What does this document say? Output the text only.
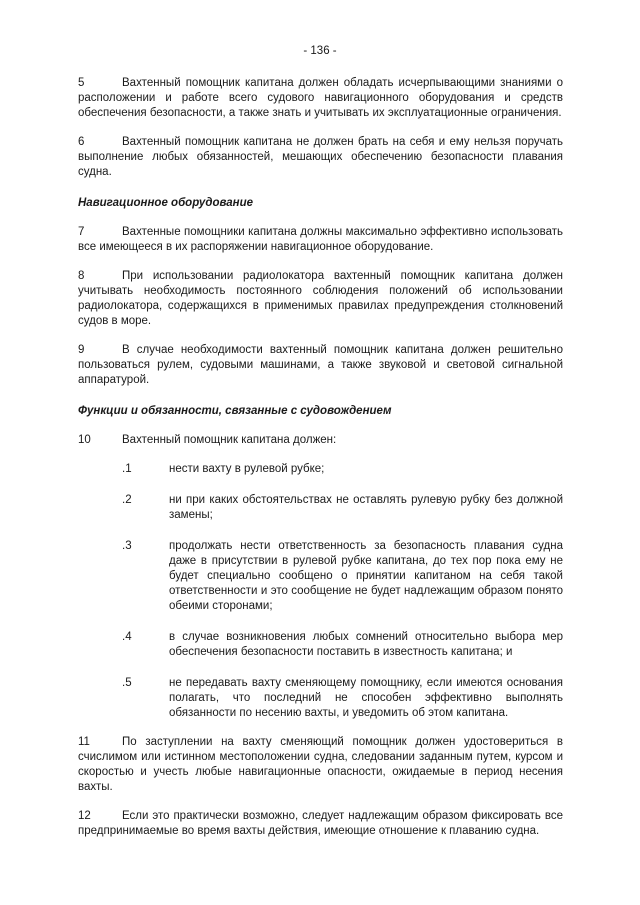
- 136 -
5	Вахтенный помощник капитана должен обладать исчерпывающими знаниями о расположении и работе всего судового навигационного оборудования и средств обеспечения безопасности, а также знать и учитывать их эксплуатационные ограничения.
6	Вахтенный помощник капитана не должен брать на себя и ему нельзя поручать выполнение любых обязанностей, мешающих обеспечению безопасности плавания судна.
Навигационное оборудование
7	Вахтенные помощники капитана должны максимально эффективно использовать все имеющееся в их распоряжении навигационное оборудование.
8	При использовании радиолокатора вахтенный помощник капитана должен учитывать необходимость постоянного соблюдения положений об использовании радиолокатора, содержащихся в применимых правилах предупреждения столкновений судов в море.
9	В случае необходимости вахтенный помощник капитана должен решительно пользоваться рулем, судовыми машинами, а также звуковой и световой сигнальной аппаратурой.
Функции и обязанности, связанные с судовождением
10	Вахтенный помощник капитана должен:
.1	нести вахту в рулевой рубке;
.2	ни при каких обстоятельствах не оставлять рулевую рубку без должной замены;
.3	продолжать нести ответственность за безопасность плавания судна даже в присутствии в рулевой рубке капитана, до тех пор пока ему не будет специально сообщено о принятии капитаном на себя такой ответственности и это сообщение не будет надлежащим образом понято обеими сторонами;
.4	в случае возникновения любых сомнений относительно выбора мер обеспечения безопасности поставить в известность капитана; и
.5	не передавать вахту сменяющему помощнику, если имеются основания полагать, что последний не способен эффективно выполнять обязанности по несению вахты, и уведомить об этом капитана.
11	По заступлении на вахту сменяющий помощник должен удостовериться в счислимом или истинном местоположении судна, следовании заданным путем, курсом и скоростью и учесть любые навигационные опасности, ожидаемые в период несения вахты.
12	Если это практически возможно, следует надлежащим образом фиксировать все предпринимаемые во время вахты действия, имеющие отношение к плаванию судна.
